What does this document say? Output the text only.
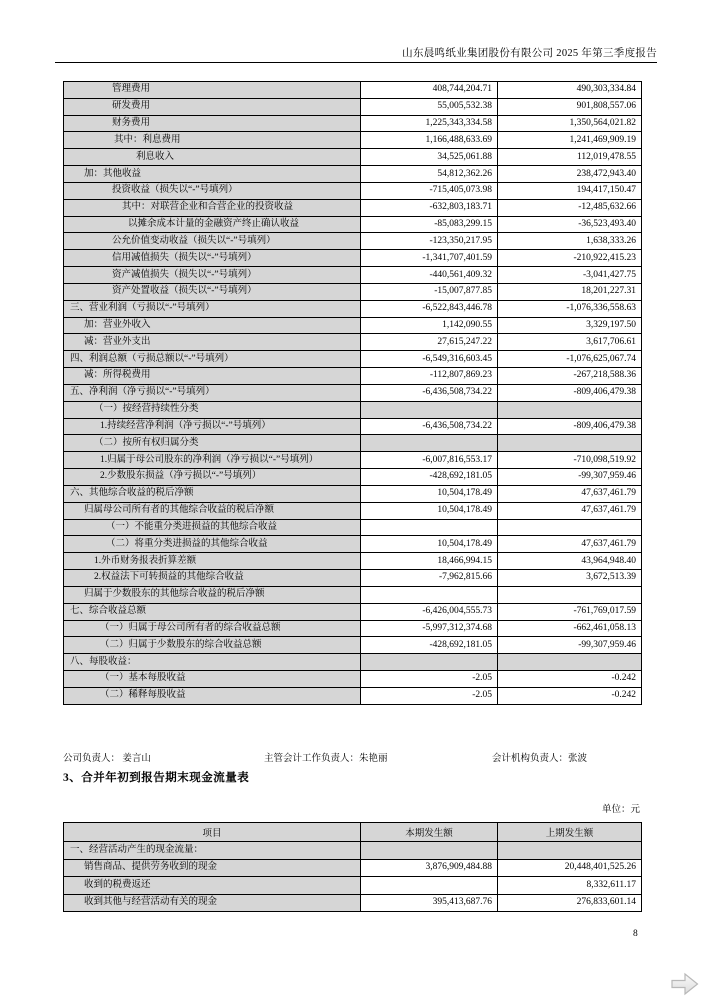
山东晨鸣纸业集团股份有限公司 2025 年第三季度报告
管理费用	408,744,204.71	490,303,334.84
研发费用	55,005,532.38	901,808,557.06
财务费用	1,225,343,334.58	1,350,564,021.82
其中：利息费用	1,166,488,633.69	1,241,469,909.19
利息收入	34,525,061.88	112,019,478.55
加：其他收益	54,812,362.26	238,472,943.40
投资收益（损失以“-”号填列）	-715,405,073.98	194,417,150.47
其中：对联营企业和合营企业的投资收益	-632,803,183.71	-12,485,632.66
以摊余成本计量的金融资产终止确认收益	-85,083,299.15	-36,523,493.40
公允价值变动收益（损失以“-”号填列）	-123,350,217.95	1,638,333.26
信用减值损失（损失以“-”号填列）	-1,341,707,401.59	-210,922,415.23
资产减值损失（损失以“-”号填列）	-440,561,409.32	-3,041,427.75
资产处置收益（损失以“-”号填列）	-15,007,877.85	18,201,227.31
三、营业利润（亏损以“-”号填列）	-6,522,843,446.78	-1,076,336,558.63
加：营业外收入	1,142,090.55	3,329,197.50
减：营业外支出	27,615,247.22	3,617,706.61
四、利润总额（亏损总额以“-”号填列）	-6,549,316,603.45	-1,076,625,067.74
减：所得税费用	-112,807,869.23	-267,218,588.36
五、净利润（净亏损以“-”号填列）	-6,436,508,734.22	-809,406,479.38
（一）按经营持续性分类		
1.持续经营净利润（净亏损以“-”号填列）	-6,436,508,734.22	-809,406,479.38
（二）按所有权归属分类		
1.归属于母公司股东的净利润（净亏损以“-”号填列）	-6,007,816,553.17	-710,098,519.92
2.少数股东损益（净亏损以“-”号填列）	-428,692,181.05	-99,307,959.46
六、其他综合收益的税后净额	10,504,178.49	47,637,461.79
归属母公司所有者的其他综合收益的税后净额	10,504,178.49	47,637,461.79
（一）不能重分类进损益的其他综合收益		
（二）将重分类进损益的其他综合收益	10,504,178.49	47,637,461.79
1.外币财务报表折算差额	18,466,994.15	43,964,948.40
2.权益法下可转损益的其他综合收益	-7,962,815.66	3,672,513.39
归属于少数股东的其他综合收益的税后净额		
七、综合收益总额	-6,426,004,555.73	-761,769,017.59
（一）归属于母公司所有者的综合收益总额	-5,997,312,374.68	-662,461,058.13
（二）归属于少数股东的综合收益总额	-428,692,181.05	-99,307,959.46
八、每股收益：		
（一）基本每股收益	-2.05	-0.242
（二）稀释每股收益	-2.05	-0.242
公司负责人： 姜言山	主管会计工作负责人：朱艳丽	会计机构负责人：张波
3、合并年初到报告期末现金流量表
单位：元
项目	本期发生额	上期发生额
一、经营活动产生的现金流量：		
销售商品、提供劳务收到的现金	3,876,909,484.88	20,448,401,525.26
收到的税费返还		8,332,611.17
收到其他与经营活动有关的现金	395,413,687.76	276,833,601.14
8
